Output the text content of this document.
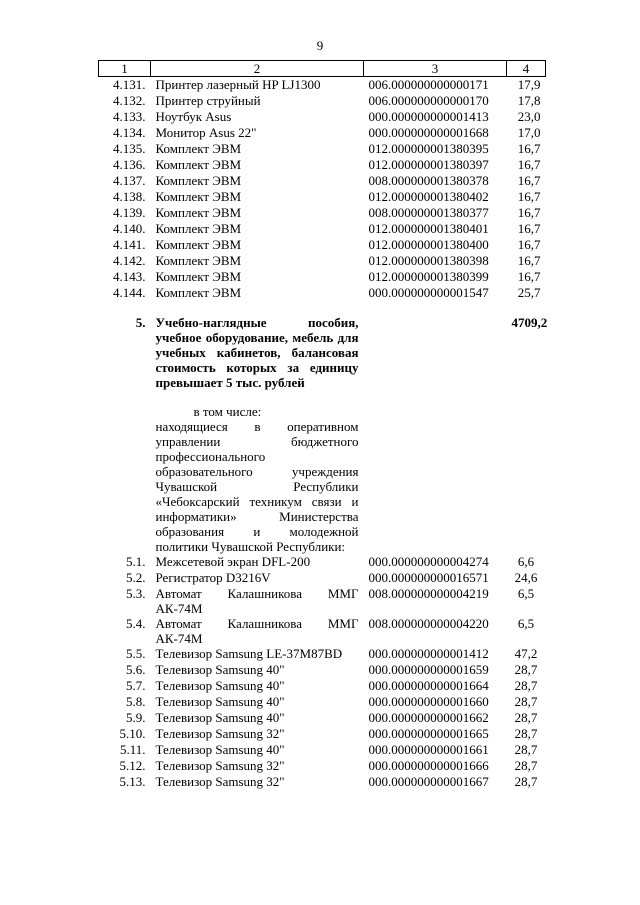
9
1	2	3	4
4.131.	Принтер лазерный HP LJ1300	006.000000000000171	17,9
4.132.	Принтер струйный	006.000000000000170	17,8
4.133.	Ноутбук Asus	000.000000000001413	23,0
4.134.	Монитор Asus 22"	000.000000000001668	17,0
4.135.	Комплект ЭВМ	012.000000001380395	16,7
4.136.	Комплект ЭВМ	012.000000001380397	16,7
4.137.	Комплект ЭВМ	008.000000001380378	16,7
4.138.	Комплект ЭВМ	012.000000001380402	16,7
4.139.	Комплект ЭВМ	008.000000001380377	16,7
4.140.	Комплект ЭВМ	012.000000001380401	16,7
4.141.	Комплект ЭВМ	012.000000001380400	16,7
4.142.	Комплект ЭВМ	012.000000001380398	16,7
4.143.	Комплект ЭВМ	012.000000001380399	16,7
4.144.	Комплект ЭВМ	000.000000000001547	25,7

5.	Учебно-наглядные пособия, учебное оборудование, мебель для учебных кабинетов, балансовая стоимость которых за единицу превышает 5 тыс. рублей		4709,2

	в том числе:
находящиеся в оперативном управлении бюджетного профессионального образовательного учреждения Чувашской Республики «Чебоксарский техникум связи и информатики» Министерства образования и молодежной политики Чувашской Республики:		

5.1.	Межсетевой экран DFL-200	000.000000000004274	6,6
5.2.	Регистратор D3216V	000.000000000016571	24,6
5.3.	Автомат Калашникова ММГ АК-74М	008.000000000004219	6,5
5.4.	Автомат Калашникова ММГ АК-74М	008.000000000004220	6,5
5.5.	Телевизор Samsung LE-37M87BD	000.000000000001412	47,2
5.6.	Телевизор Samsung 40"	000.000000000001659	28,7
5.7.	Телевизор Samsung 40"	000.000000000001664	28,7
5.8.	Телевизор Samsung 40"	000.000000000001660	28,7
5.9.	Телевизор Samsung 40"	000.000000000001662	28,7
5.10.	Телевизор Samsung 32"	000.000000000001665	28,7
5.11.	Телевизор Samsung 40"	000.000000000001661	28,7
5.12.	Телевизор Samsung 32"	000.000000000001666	28,7
5.13.	Телевизор Samsung 32"	000.000000000001667	28,7
